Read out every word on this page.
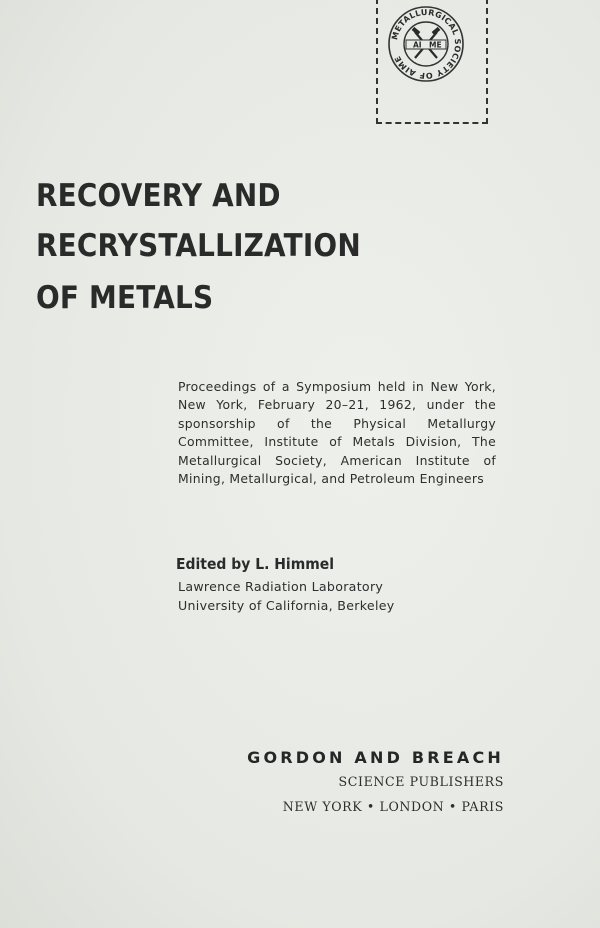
METALLURGICAL SOCIETY OF AIME
AI ME
RECOVERY AND
RECRYSTALLIZATION
OF METALS
Proceedings of a Symposium held in New York, New York, February 20–21, 1962, under the sponsorship of the Physical Metallurgy Committee, Institute of Metals Division, The Metallurgical Society, American Institute of Mining, Metallurgical, and Petroleum Engineers
Edited by L. Himmel
Lawrence Radiation Laboratory
University of California, Berkeley
GORDON AND BREACH
SCIENCE PUBLISHERS
NEW YORK • LONDON • PARIS
